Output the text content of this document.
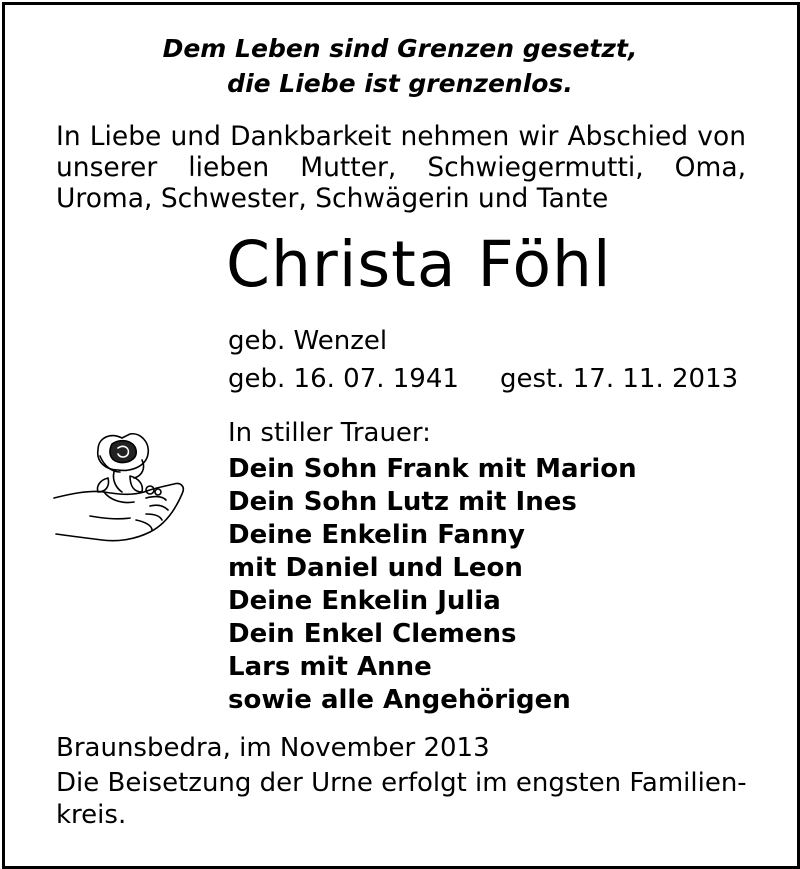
Dem Leben sind Grenzen gesetzt,
die Liebe ist grenzenlos.
In Liebe und Dankbarkeit nehmen wir Abschied von
unserer lieben Mutter, Schwiegermutti, Oma,
Uroma, Schwester, Schwägerin und Tante
Christa Föhl
geb. Wenzel
geb. 16. 07. 1941 gest. 17. 11. 2013
In stiller Trauer:
Dein Sohn Frank mit Marion
Dein Sohn Lutz mit Ines
Deine Enkelin Fanny
mit Daniel und Leon
Deine Enkelin Julia
Dein Enkel Clemens
Lars mit Anne
sowie alle Angehörigen
Braunsbedra, im November 2013
Die Beisetzung der Urne erfolgt im engsten Familien-
kreis.
